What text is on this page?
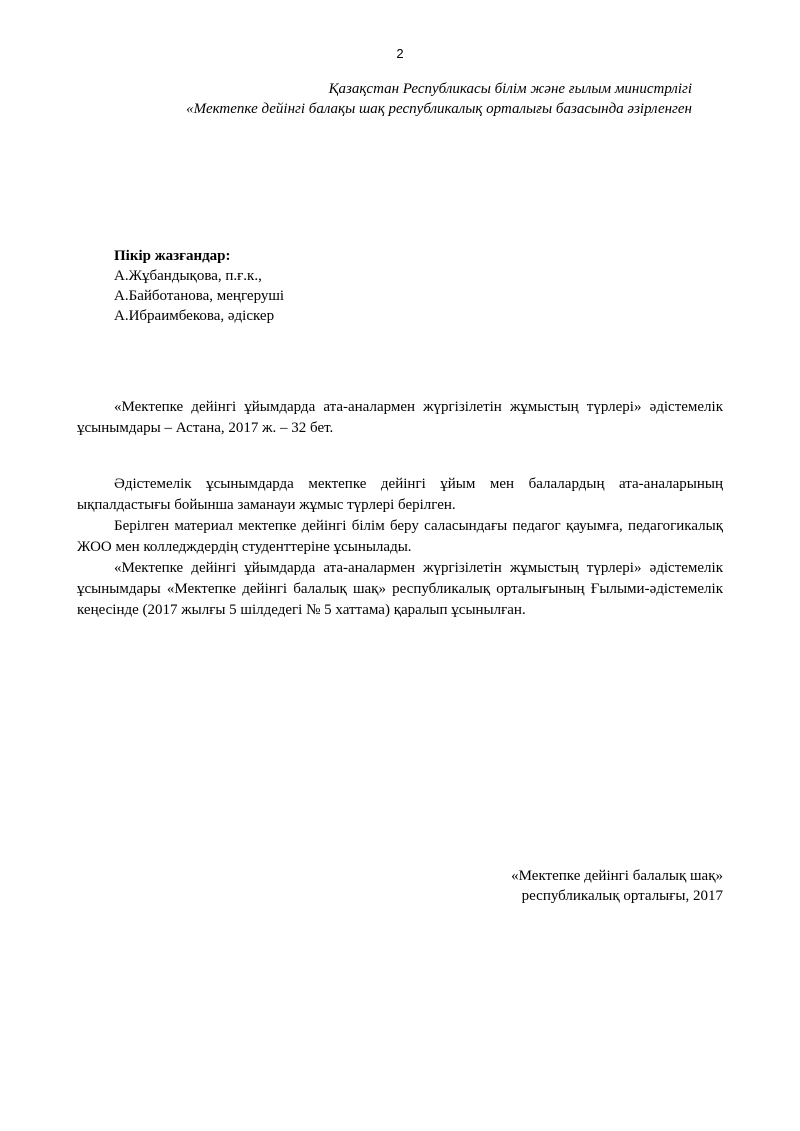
2
Қазақстан Республикасы білім және ғылым министрлігі
«Мектепке дейінгі балақы шақ республикалық орталығы базасында әзірленген
Пікір жазғандар:
А.Жұбандықова, п.ғ.к.,
А.Байботанова, меңгеруші
А.Ибраимбекова, әдіскер

«Мектепке дейінгі ұйымдарда ата-аналармен жүргізілетін жұмыстың түрлері» әдістемелік ұсынымдары – Астана, 2017 ж. – 32 бет.

Әдістемелік ұсынымдарда мектепке дейінгі ұйым мен балалардың ата-аналарының ықпалдастығы бойынша заманауи жұмыс түрлері берілген.

Берілген материал мектепке дейінгі білім беру саласындағы педагог қауымға, педагогикалық ЖОО мен колледждердің студенттеріне ұсынылады.

«Мектепке дейінгі ұйымдарда ата-аналармен жүргізілетін жұмыстың түрлері» әдістемелік ұсынымдары «Мектепке дейінгі балалық шақ» республикалық орталығының Ғылыми-әдістемелік кеңесінде (2017 жылғы 5 шілдедегі № 5 хаттама) қаралып ұсынылған.

«Мектепке дейінгі балалық шақ»
республикалық орталығы, 2017
